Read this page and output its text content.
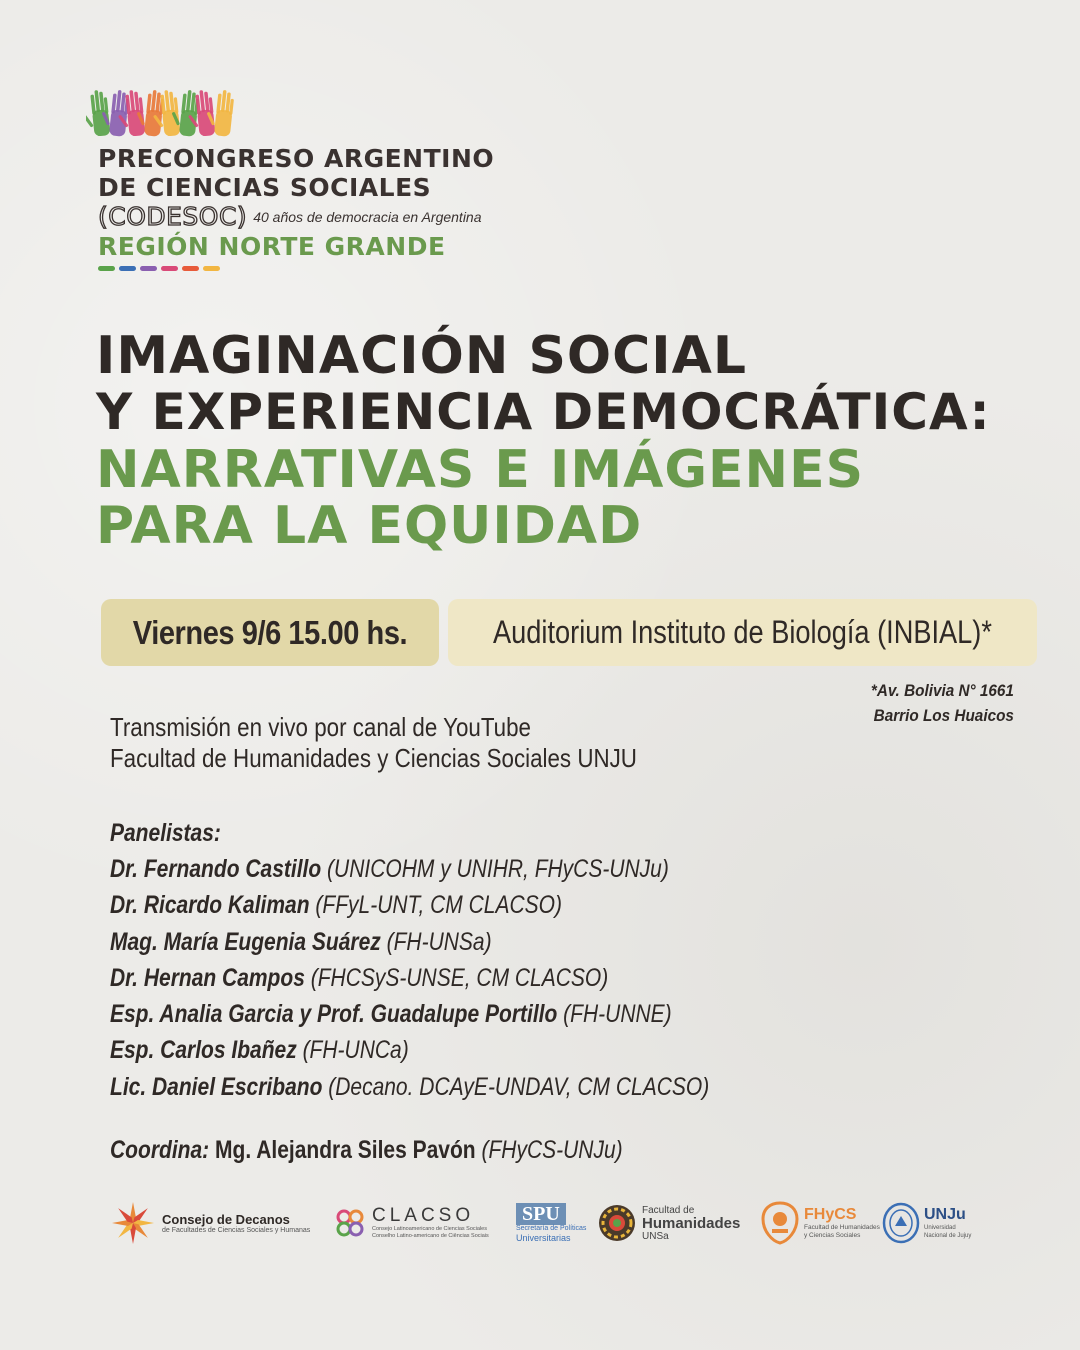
PRECONGRESO ARGENTINO
DE CIENCIAS SOCIALES
(CODESOC) 40 años de democracia en Argentina
REGIÓN NORTE GRANDE
IMAGINACIÓN SOCIAL
Y EXPERIENCIA DEMOCRÁTICA:
NARRATIVAS E IMÁGENES
PARA LA EQUIDAD
Viernes 9/6 15.00 hs.	Auditorium Instituto de Biología (INBIAL)*
*Av. Bolivia N° 1661
Barrio Los Huaicos
Transmisión en vivo por canal de YouTube
Facultad de Humanidades y Ciencias Sociales UNJU
Panelistas:
Dr. Fernando Castillo (UNICOHM y UNIHR, FHyCS-UNJu)
Dr. Ricardo Kaliman (FFyL-UNT, CM CLACSO)
Mag. María Eugenia Suárez (FH-UNSa)
Dr. Hernan Campos (FHCSyS-UNSE, CM CLACSO)
Esp. Analia Garcia y Prof. Guadalupe Portillo (FH-UNNE)
Esp. Carlos Ibañez (FH-UNCa)
Lic. Daniel Escribano (Decano. DCAyE-UNDAV, CM CLACSO)
Coordina: Mg. Alejandra Siles Pavón (FHyCS-UNJu)
Consejo de Decanos
de Facultades de Ciencias Sociales y Humanas
CLACSO
Consejo Latinoamericano de Ciencias Sociales
Conselho Latino-americano de Ciências Sociais
SPU
Secretaría de Políticas
Universitarias
Facultad de
Humanidades
UNSa
FHyCS
Facultad de Humanidades
y Ciencias Sociales
UNJu
Universidad
Nacional de Jujuy
